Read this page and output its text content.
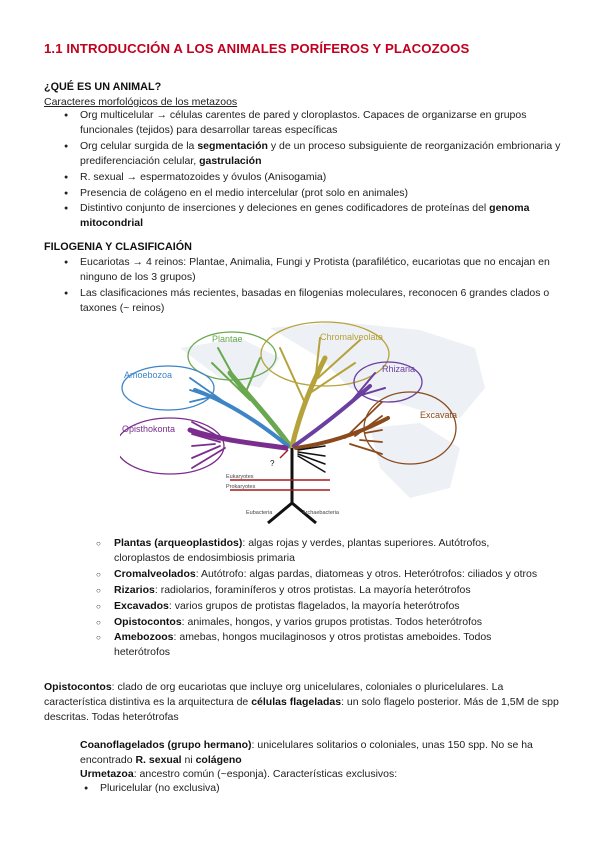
1.1 INTRODUCCIÓN A LOS ANIMALES PORÍFEROS Y PLACOZOOS
¿QUÉ ES UN ANIMAL?
Caracteres morfológicos de los metazoos
● Org multicelular → células carentes de pared y cloroplastos. Capaces de organizarse en grupos funcionales (tejidos) para desarrollar tareas específicas
● Org celular surgida de la segmentación y de un proceso subsiguiente de reorganización embrionaria y prediferenciación celular, gastrulación
● R. sexual → espermatozoides y óvulos (Anisogamia)
● Presencia de colágeno en el medio intercelular (prot solo en animales)
● Distintivo conjunto de inserciones y deleciones en genes codificadores de proteínas del genoma mitocondrial
FILOGENIA Y CLASIFICAIÓN
● Eucariotas → 4 reinos: Plantae, Animalia, Fungi y Protista (parafilético, eucariotas que no encajan en ninguno de los 3 grupos)
● Las clasificaciones más recientes, basadas en filogenias moleculares, reconocen 6 grandes clados o taxones (~ reinos)
Plantae	Chromalveolata
Rhizaria
Excavata
Amoebozoa
Opisthokonta
Eukaryotes
Prokaryotes
Eubacteria	Archaebacteria
?
○ Plantas (arqueoplastidos): algas rojas y verdes, plantas superiores. Autótrofos, cloroplastos de endosimbiosis primaria
○ Cromalveolados: Autótrofo: algas pardas, diatomeas y otros. Heterótrofos: ciliados y otros
○ Rizarios: radiolarios, foraminíferos y otros protistas. La mayoría heterótrofos
○ Excavados: varios grupos de protistas flagelados, la mayoría heterótrofos
○ Opistocontos: animales, hongos, y varios grupos protistas. Todos heterótrofos
○ Amebozoos: amebas, hongos mucilaginosos y otros protistas ameboides. Todos heterótrofos
Opistocontos: clado de org eucariotas que incluye org unicelulares, coloniales o pluricelulares. La característica distintiva es la arquitectura de células flageladas: un solo flagelo posterior. Más de 1,5M de spp descritas. Todas heterótrofas
Coanoflagelados (grupo hermano): unicelulares solitarios o coloniales, unas 150 spp. No se ha encontrado R. sexual ni colágeno
Urmetazoa: ancestro común (~esponja). Características exclusivos:
● Pluricelular (no exclusiva)
